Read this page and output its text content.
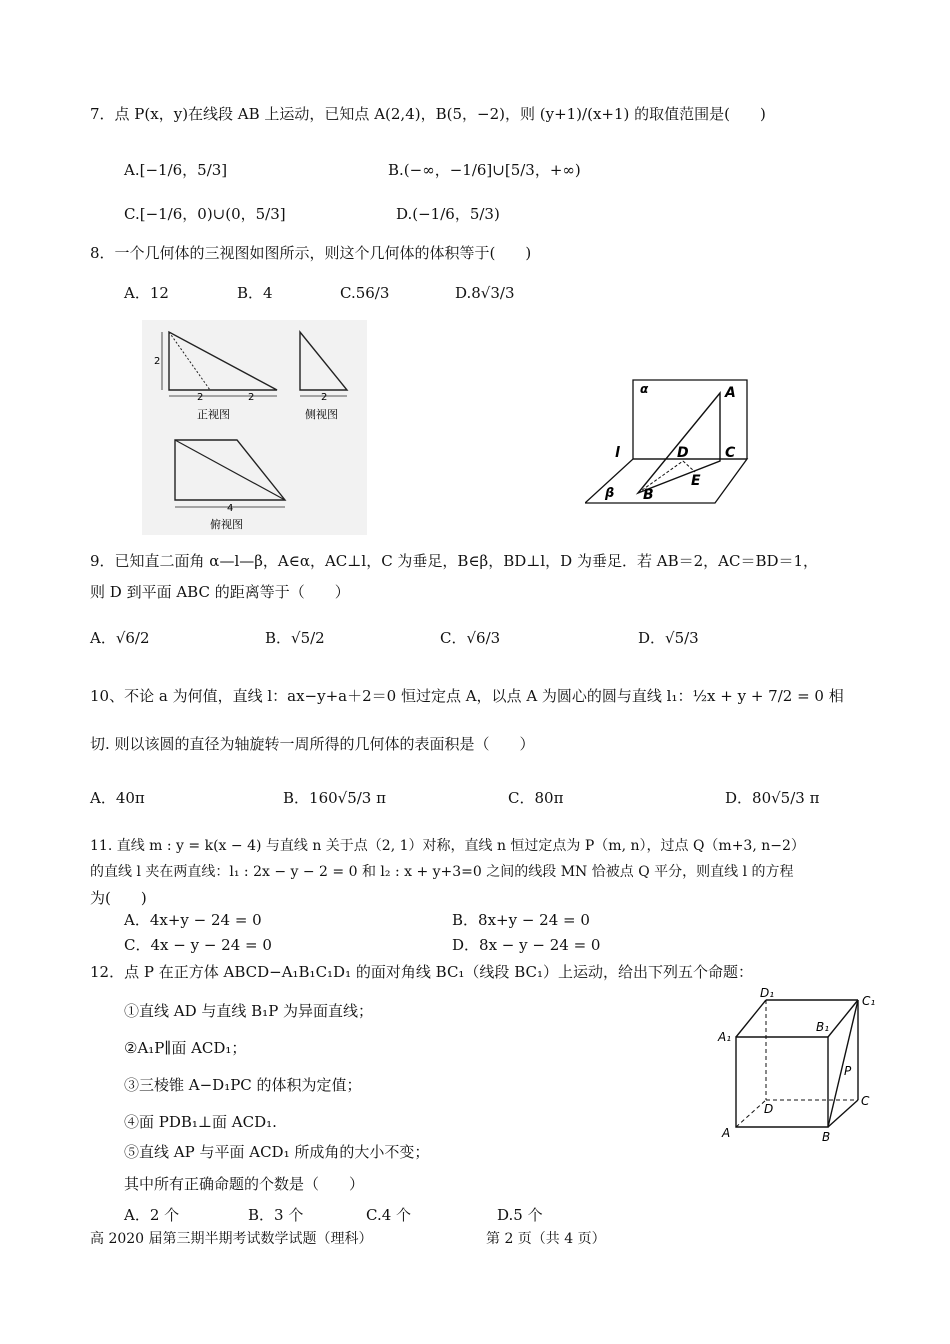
7．点 P(x，y)在线段 AB 上运动，已知点 A(2,4)，B(5，−2)，则 (y+1)/(x+1) 的取值范围是(　　)
A.[−1/6，5/3]	B.(−∞，−1/6]∪[5/3，+∞)
C.[−1/6，0)∪(0，5/3]	D.(−1/6，5/3)
8．一个几何体的三视图如图所示，则这个几何体的体积等于(　　)
A．12	B．4	C.56/3	D.8√3/3
2
2	2
正视图
2
侧视图
4
俯视图
α	A
l	D	C
β B
E
9．已知直二面角 α—l—β，A∈α，AC⊥l，C 为垂足，B∈β，BD⊥l，D 为垂足．若 AB＝2，AC＝BD＝1，
则 D 到平面 ABC 的距离等于（　　）
A．√6/2	B．√5/2	C．√6/3	D．√5/3
10、不论 a 为何值，直线 l：ax−y+a＋2＝0 恒过定点 A，以点 A 为圆心的圆与直线 l₁：½x + y + 7/2 = 0 相
切. 则以该圆的直径为轴旋转一周所得的几何体的表面积是（　　）
A．40π	B．160√5/3 π	C．80π	D．80√5/3 π
11. 直线 m : y = k(x − 4) 与直线 n 关于点（2, 1）对称，直线 n 恒过定点为 P（m, n），过点 Q（m+3, n−2）
的直线 l 夹在两直线：l₁ : 2x − y − 2 = 0 和 l₂ : x + y+3=0 之间的线段 MN 恰被点 Q 平分，则直线 l 的方程
为(　　)
A．4x+y − 24 = 0	B．8x+y − 24 = 0
C．4x − y − 24 = 0	D．8x − y − 24 = 0
12．点 P 在正方体 ABCD−A₁B₁C₁D₁ 的面对角线 BC₁（线段 BC₁）上运动，给出下列五个命题：
①直线 AD 与直线 B₁P 为异面直线；
②A₁P∥面 ACD₁；
③三棱锥 A−D₁PC 的体积为定值；
④面 PDB₁⊥面 ACD₁.
⑤直线 AP 与平面 ACD₁ 所成角的大小不变；
其中所有正确命题的个数是（　　）
A．2 个	B．3 个	C.4 个	D.5 个
D₁
C₁
A₁
B₁
P
D
C
A	B
高 2020 届第三期半期考试数学试题（理科）	第 2 页（共 4 页）
